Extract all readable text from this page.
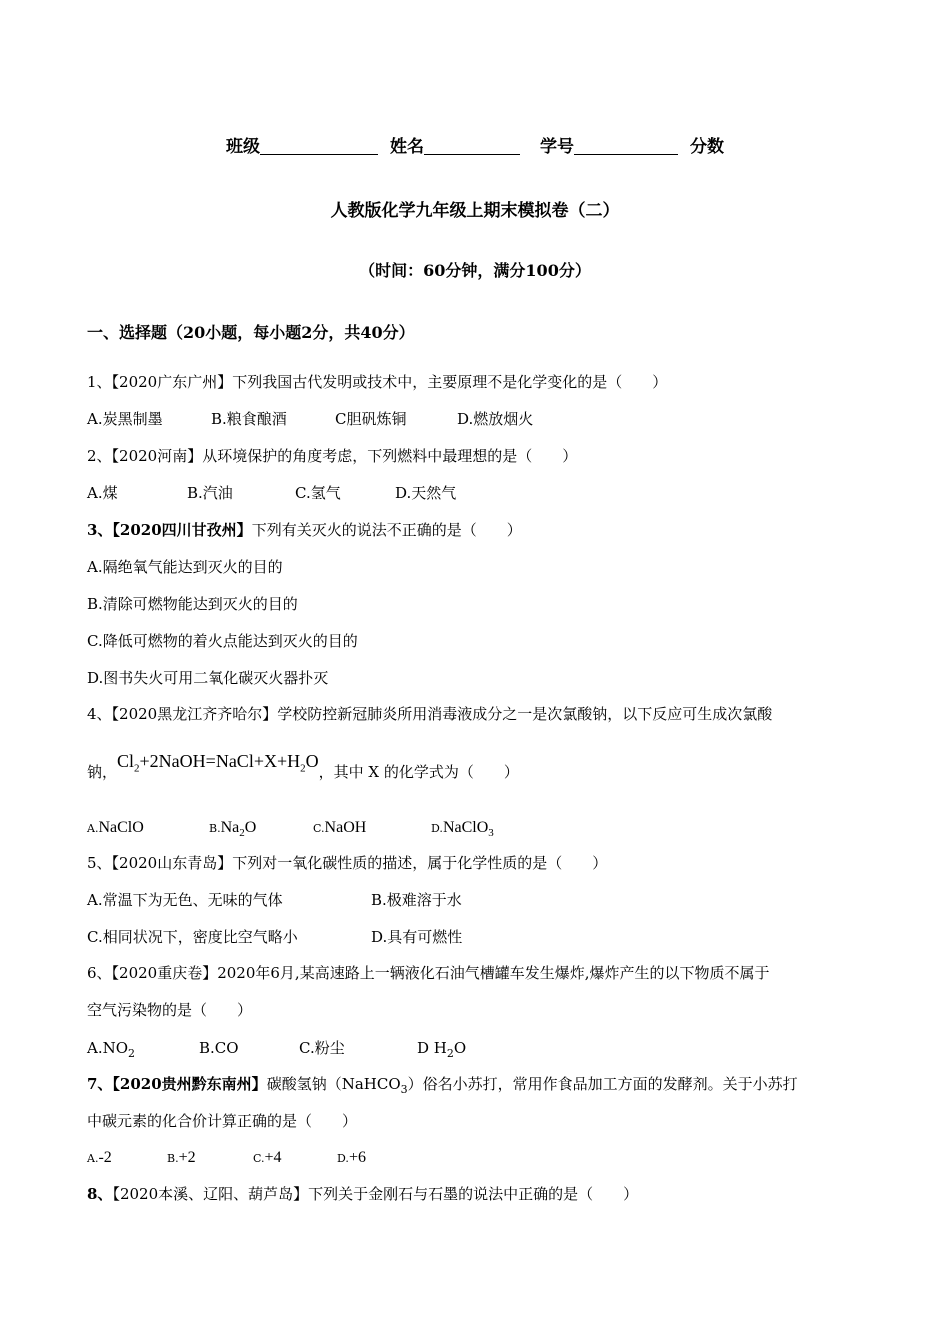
班级	姓名	学号	分数
人教版化学九年级上期末模拟卷（二）
（时间：60分钟，满分100分）
一、选择题（20小题，每小题2分，共40分）
1、【2020广东广州】下列我国古代发明或技术中，主要原理不是化学变化的是（　　）
A.炭黑制墨	B.粮食酿酒	C胆矾炼铜	D.燃放烟火
2、【2020河南】从环境保护的角度考虑，下列燃料中最理想的是（　　）
A.煤	B.汽油	C.氢气	D.天然气
3、【2020四川甘孜州】下列有关灭火的说法不正确的是（　　）
A.隔绝氧气能达到灭火的目的
B.清除可燃物能达到灭火的目的
C.降低可燃物的着火点能达到灭火的目的
D.图书失火可用二氧化碳灭火器扑灭
4、【2020黑龙江齐齐哈尔】学校防控新冠肺炎所用消毒液成分之一是次氯酸钠，以下反应可生成次氯酸
钠，$Cl_2+2NaOH=NaCl+X+H_2O$，其中 X 的化学式为（　　）
A.NaClO	$B.Na_2O$	C.NaOH	D.NaClO$_3$
5、【2020山东青岛】下列对一氧化碳性质的描述，属于化学性质的是（　　）
A.常温下为无色、无味的气体	B.极难溶于水
C.相同状况下，密度比空气略小	D.具有可燃性
6、【2020重庆卷】2020年6月,某高速路上一辆液化石油气槽罐车发生爆炸,爆炸产生的以下物质不属于
空气污染物的是（　　）
$A.NO_2$	B.CO	C.粉尘	D $H_2O$
7、【2020贵州黔东南州】碳酸氢钠（NaHCO$_3$）俗名小苏打，常用作食品加工方面的发酵剂。关于小苏打
中碳元素的化合价计算正确的是（　　）
A.-2	B.+2	C.+4	D.+6
8、【2020本溪、辽阳、葫芦岛】下列关于金刚石与石墨的说法中正确的是（　　）
